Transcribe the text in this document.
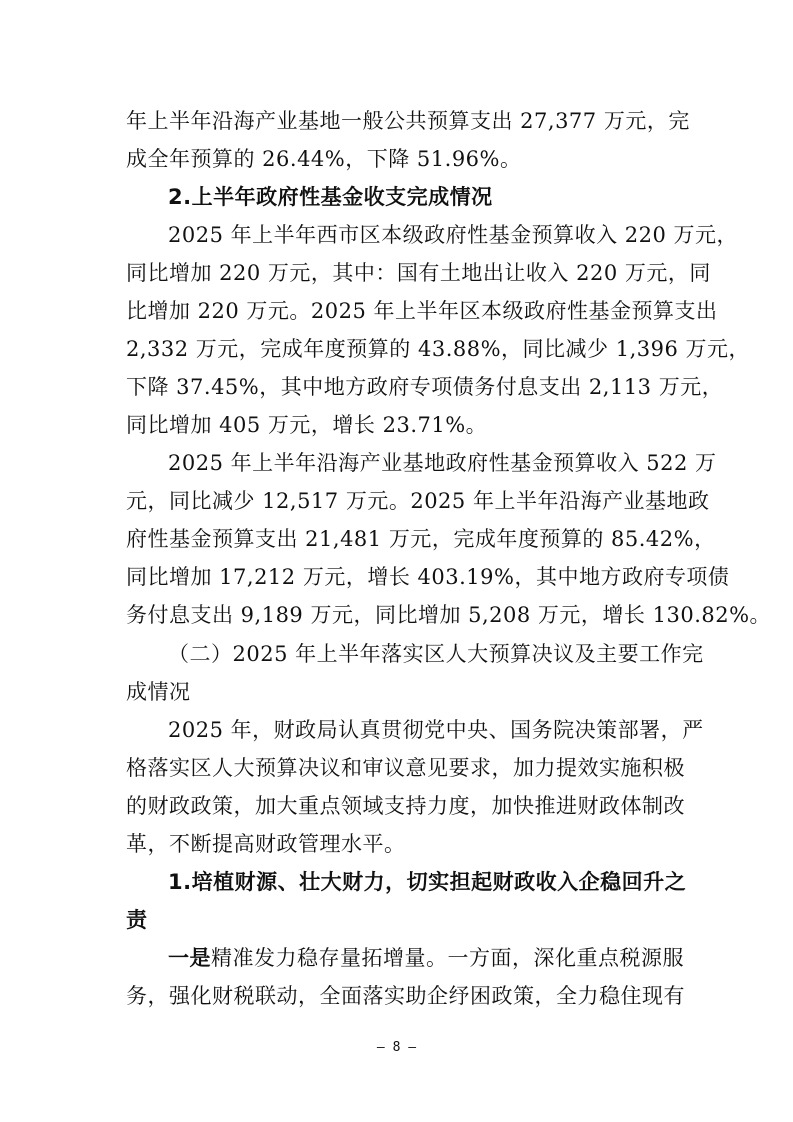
年上半年沿海产业基地一般公共预算支出 27,377 万元，完
成全年预算的 26.44%，下降 51.96%。
2.上半年政府性基金收支完成情况
2025 年上半年西市区本级政府性基金预算收入 220 万元，
同比增加 220 万元，其中：国有土地出让收入 220 万元，同
比增加 220 万元。2025 年上半年区本级政府性基金预算支出
2,332 万元，完成年度预算的 43.88%，同比减少 1,396 万元，
下降 37.45%，其中地方政府专项债务付息支出 2,113 万元，
同比增加 405 万元，增长 23.71%。
2025 年上半年沿海产业基地政府性基金预算收入 522 万
元，同比减少 12,517 万元。2025 年上半年沿海产业基地政
府性基金预算支出 21,481 万元，完成年度预算的 85.42%，
同比增加 17,212 万元，增长 403.19%，其中地方政府专项债
务付息支出 9,189 万元，同比增加 5,208 万元，增长 130.82%。
（二）2025 年上半年落实区人大预算决议及主要工作完
成情况
2025 年，财政局认真贯彻党中央、国务院决策部署，严
格落实区人大预算决议和审议意见要求，加力提效实施积极
的财政政策，加大重点领域支持力度，加快推进财政体制改
革，不断提高财政管理水平。
1.培植财源、壮大财力，切实担起财政收入企稳回升之
责
一是精准发力稳存量拓增量。一方面，深化重点税源服
务，强化财税联动，全面落实助企纾困政策，全力稳住现有
— 8 —
